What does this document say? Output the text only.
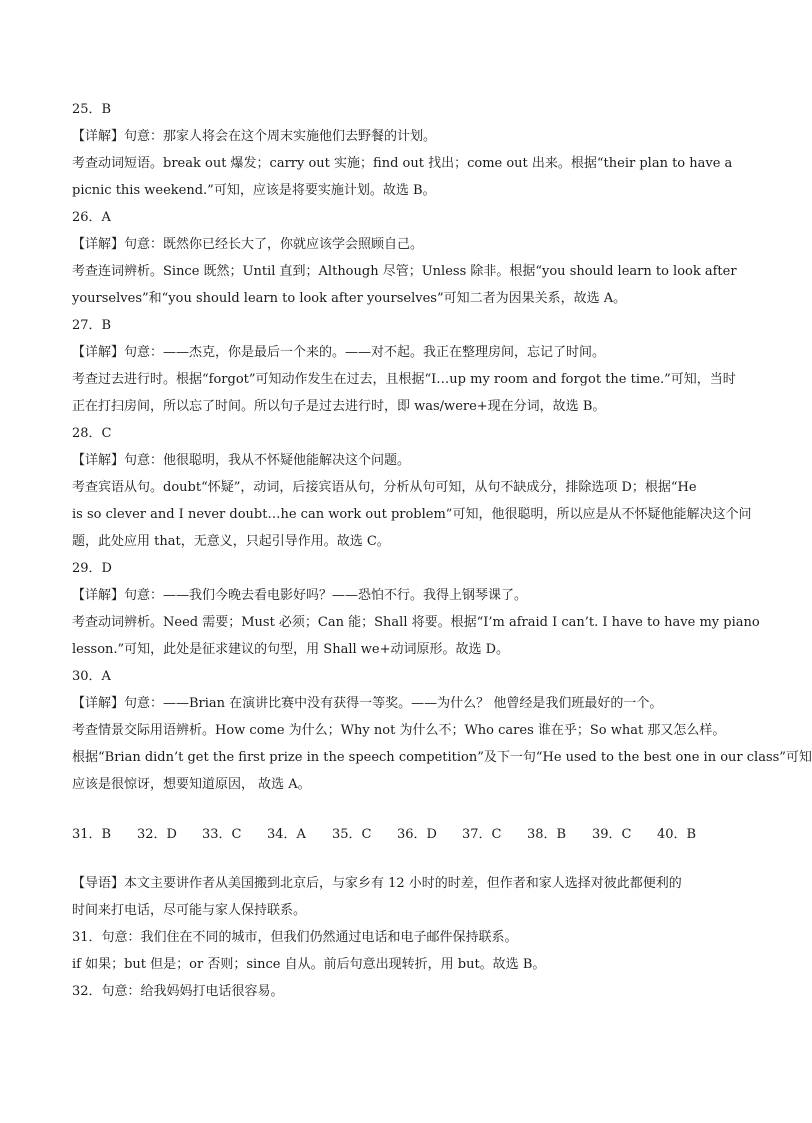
25．B
【详解】句意：那家人将会在这个周末实施他们去野餐的计划。
考查动词短语。break out 爆发；carry out 实施；find out 找出；come out 出来。根据“their plan to have a
picnic this weekend.”可知，应该是将要实施计划。故选 B。
26．A
【详解】句意：既然你已经长大了，你就应该学会照顾自己。
考查连词辨析。Since 既然；Until 直到；Although 尽管；Unless 除非。根据“you should learn to look after
yourselves”和“you should learn to look after yourselves”可知二者为因果关系，故选 A。
27．B
【详解】句意：——杰克，你是最后一个来的。——对不起。我正在整理房间，忘记了时间。
考查过去进行时。根据“forgot”可知动作发生在过去，且根据“I…up my room and forgot the time.”可知，当时
正在打扫房间，所以忘了时间。所以句子是过去进行时，即 was/were+现在分词，故选 B。
28．C
【详解】句意：他很聪明，我从不怀疑他能解决这个问题。
考查宾语从句。doubt“怀疑”，动词，后接宾语从句，分析从句可知，从句不缺成分，排除选项 D；根据“He
is so clever and I never doubt…he can work out problem”可知，他很聪明，所以应是从不怀疑他能解决这个问
题，此处应用 that，无意义，只起引导作用。故选 C。
29．D
【详解】句意：——我们今晚去看电影好吗？——恐怕不行。我得上钢琴课了。
考查动词辨析。Need 需要；Must 必须；Can 能；Shall 将要。根据“I’m afraid I can’t. I have to have my piano
lesson.”可知，此处是征求建议的句型，用 Shall we+动词原形。故选 D。
30．A
【详解】句意：——Brian 在演讲比赛中没有获得一等奖。——为什么？ 他曾经是我们班最好的一个。
考查情景交际用语辨析。How come 为什么；Why not 为什么不；Who cares 谁在乎；So what 那又怎么样。
根据“Brian didn’t get the first prize in the speech competition”及下一句“He used to the best one in our class”可知
应该是很惊讶，想要知道原因， 故选 A。
31．B	32．D	33．C	34．A	35．C	36．D	37．C	38．B	39．C	40．B
【导语】本文主要讲作者从美国搬到北京后，与家乡有 12 小时的时差，但作者和家人选择对彼此都便利的
时间来打电话，尽可能与家人保持联系。
31．句意：我们住在不同的城市，但我们仍然通过电话和电子邮件保持联系。
if 如果；but 但是；or 否则；since 自从。前后句意出现转折，用 but。故选 B。
32．句意：给我妈妈打电话很容易。
